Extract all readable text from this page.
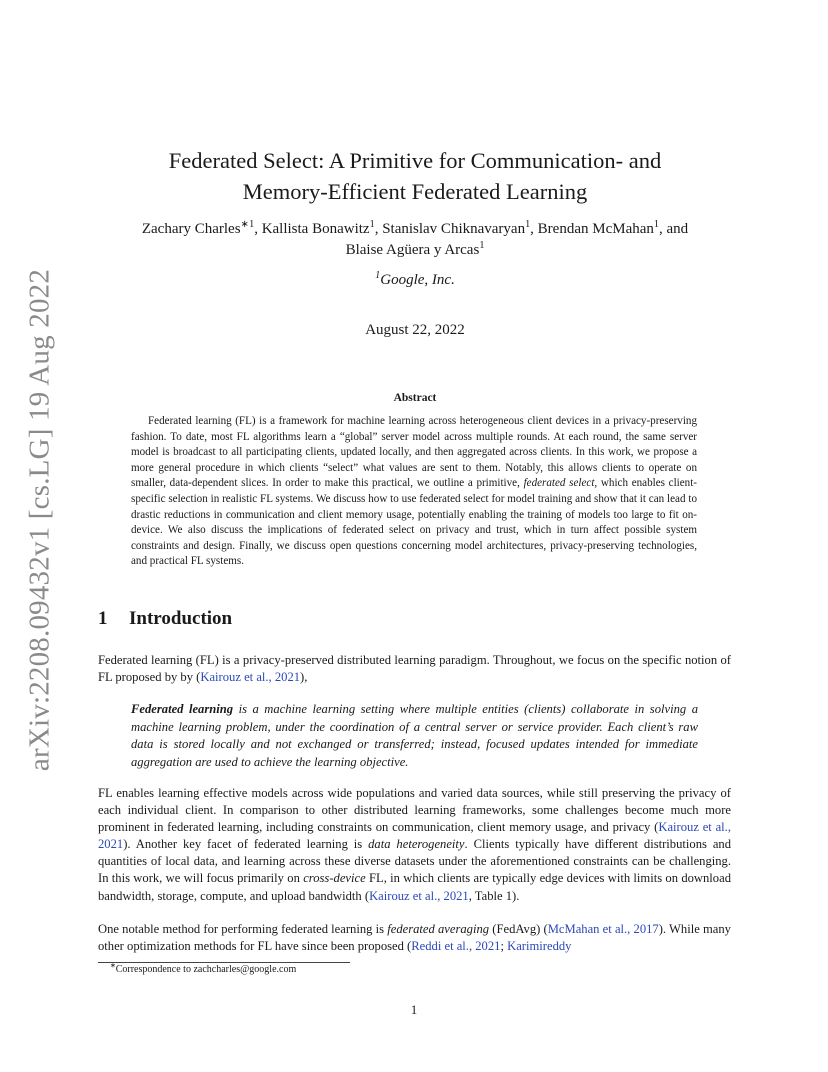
arXiv:2208.09432v1 [cs.LG] 19 Aug 2022
Federated Select: A Primitive for Communication- and
Memory-Efficient Federated Learning
Zachary Charles$^{∗1}$, Kallista Bonawitz$^1$, Stanislav Chiknavaryan$^1$, Brendan McMahan$^1$, and
Blaise Agüera y Arcas$^1$
$^1$Google, Inc.
August 22, 2022
Abstract
Federated learning (FL) is a framework for machine learning across heterogeneous client devices in a privacy-preserving fashion. To date, most FL algorithms learn a “global” server model across multiple rounds. At each round, the same server model is broadcast to all participating clients, updated locally, and then aggregated across clients. In this work, we propose a more general procedure in which clients “select” what values are sent to them. Notably, this allows clients to operate on smaller, data-dependent slices. In order to make this practical, we outline a primitive, federated select, which enables client-specific selection in realistic FL systems. We discuss how to use federated select for model training and show that it can lead to drastic reductions in communication and client memory usage, potentially enabling the training of models too large to fit on-device. We also discuss the implications of federated select on privacy and trust, which in turn affect possible system constraints and design. Finally, we discuss open questions concerning model architectures, privacy-preserving technologies, and practical FL systems.
1 Introduction
Federated learning (FL) is a privacy-preserved distributed learning paradigm. Throughout, we focus on the specific notion of FL proposed by by (Kairouz et al., 2021),
Federated learning is a machine learning setting where multiple entities (clients) collaborate in solving a machine learning problem, under the coordination of a central server or service provider. Each client’s raw data is stored locally and not exchanged or transferred; instead, focused updates intended for immediate aggregation are used to achieve the learning objective.
FL enables learning effective models across wide populations and varied data sources, while still preserving the privacy of each individual client. In comparison to other distributed learning frameworks, some challenges become much more prominent in federated learning, including constraints on communication, client memory usage, and privacy (Kairouz et al., 2021). Another key facet of federated learning is data heterogeneity. Clients typically have different distributions and quantities of local data, and learning across these diverse datasets under the aforementioned constraints can be challenging. In this work, we will focus primarily on cross-device FL, in which clients are typically edge devices with limits on download bandwidth, storage, compute, and upload bandwidth (Kairouz et al., 2021, Table 1).
One notable method for performing federated learning is federated averaging (FedAvg) (McMahan et al., 2017). While many other optimization methods for FL have since been proposed (Reddi et al., 2021; Karimireddy
∗Correspondence to zachcharles@google.com
1
